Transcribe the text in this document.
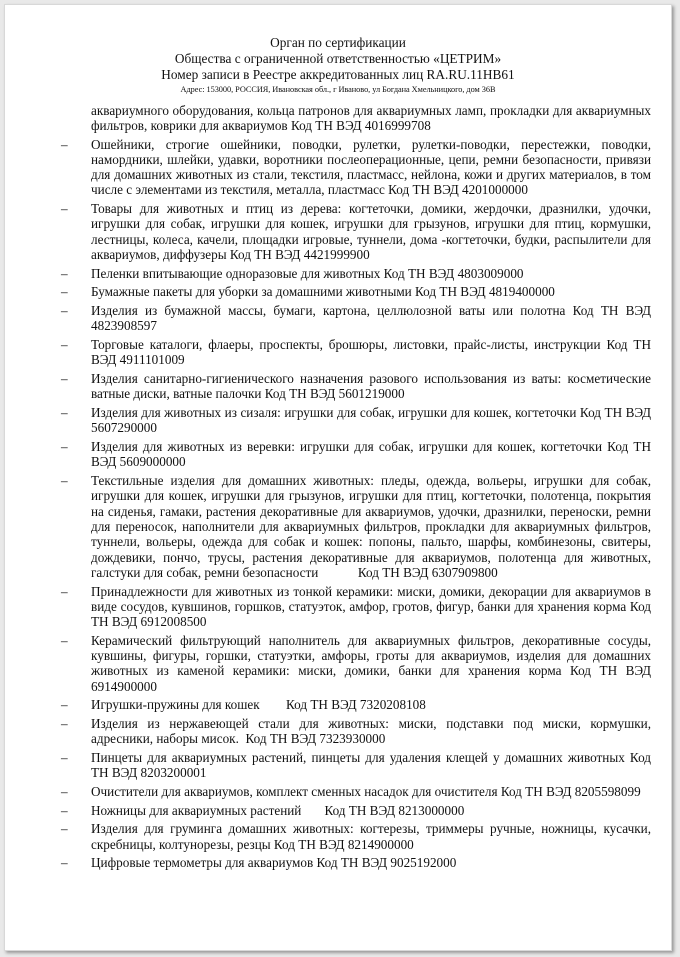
Орган по сертификации
Общества с ограниченной ответственностью «ЦЕТРИМ»
Номер записи в Реестре аккредитованных лиц RA.RU.11НВ61
Адрес: 153000, РОССИЯ, Ивановская обл., г Иваново, ул Богдана Хмельницкого, дом 36В
аквариумного оборудования, кольца патронов для аквариумных ламп, прокладки для аквариумных фильтров, коврики для аквариумов Код ТН ВЭД 4016999708
– Ошейники, строгие ошейники, поводки, рулетки, рулетки-поводки, перестежки, поводки, намордники, шлейки, удавки, воротники послеоперационные, цепи, ремни безопасности, привязи для домашних животных из стали, текстиля, пластмасс, нейлона, кожи и других материалов, в том числе с элементами из текстиля, металла, пластмасс Код ТН ВЭД 4201000000
– Товары для животных и птиц из дерева: когтеточки, домики, жердочки, дразнилки, удочки, игрушки для собак, игрушки для кошек, игрушки для грызунов, игрушки для птиц, кормушки, лестницы, колеса, качели, площадки игровые, туннели, дома -когтеточки, будки, распылители для аквариумов, диффузеры Код ТН ВЭД 4421999900
– Пеленки впитывающие одноразовые для животных Код ТН ВЭД 4803009000
– Бумажные пакеты для уборки за домашними животными Код ТН ВЭД 4819400000
– Изделия из бумажной массы, бумаги, картона, целлюлозной ваты или полотна Код ТН ВЭД 4823908597
– Торговые каталоги, флаеры, проспекты, брошюры, листовки, прайс-листы, инструкции Код ТН ВЭД 4911101009
– Изделия санитарно-гигиенического назначения разового использования из ваты: косметические ватные диски, ватные палочки Код ТН ВЭД 5601219000
– Изделия для животных из сизаля: игрушки для собак, игрушки для кошек, когтеточки Код ТН ВЭД 5607290000
– Изделия для животных из веревки: игрушки для собак, игрушки для кошек, когтеточки Код ТН ВЭД 5609000000
– Текстильные изделия для домашних животных: пледы, одежда, вольеры, игрушки для собак, игрушки для кошек, игрушки для грызунов, игрушки для птиц, когтеточки, полотенца, покрытия на сиденья, гамаки, растения декоративные для аквариумов, удочки, дразнилки, переноски, ремни для переносок, наполнители для аквариумных фильтров, прокладки для аквариумных фильтров, туннели, вольеры, одежда для собак и кошек: попоны, пальто, шарфы, комбинезоны, свитеры, дождевики, пончо, трусы, растения декоративные для аквариумов, полотенца для животных, галстуки для собак, ремни безопасности            Код ТН ВЭД 6307909800
– Принадлежности для животных из тонкой керамики: миски, домики, декорации для аквариумов в виде сосудов, кувшинов, горшков, статуэток, амфор, гротов, фигур, банки для хранения корма Код ТН ВЭД 6912008500
– Керамический фильтрующий наполнитель для аквариумных фильтров, декоративные сосуды, кувшины, фигуры, горшки, статуэтки, амфоры, гроты для аквариумов, изделия для домашних животных из каменой керамики: миски, домики, банки для хранения корма Код ТН ВЭД 6914900000
– Игрушки-пружины для кошек        Код ТН ВЭД 7320208108
– Изделия из нержавеющей стали для животных: миски, подставки под миски, кормушки, адресники, наборы мисок.  Код ТН ВЭД 7323930000
– Пинцеты для аквариумных растений, пинцеты для удаления клещей у домашних животных Код ТН ВЭД 8203200001
– Очистители для аквариумов, комплект сменных насадок для очистителя Код ТН ВЭД 8205598099
– Ножницы для аквариумных растений       Код ТН ВЭД 8213000000
– Изделия для груминга домашних животных: когтерезы, триммеры ручные, ножницы, кусачки, скребницы, колтунорезы, резцы Код ТН ВЭД 8214900000
– Цифровые термометры для аквариумов Код ТН ВЭД 9025192000
